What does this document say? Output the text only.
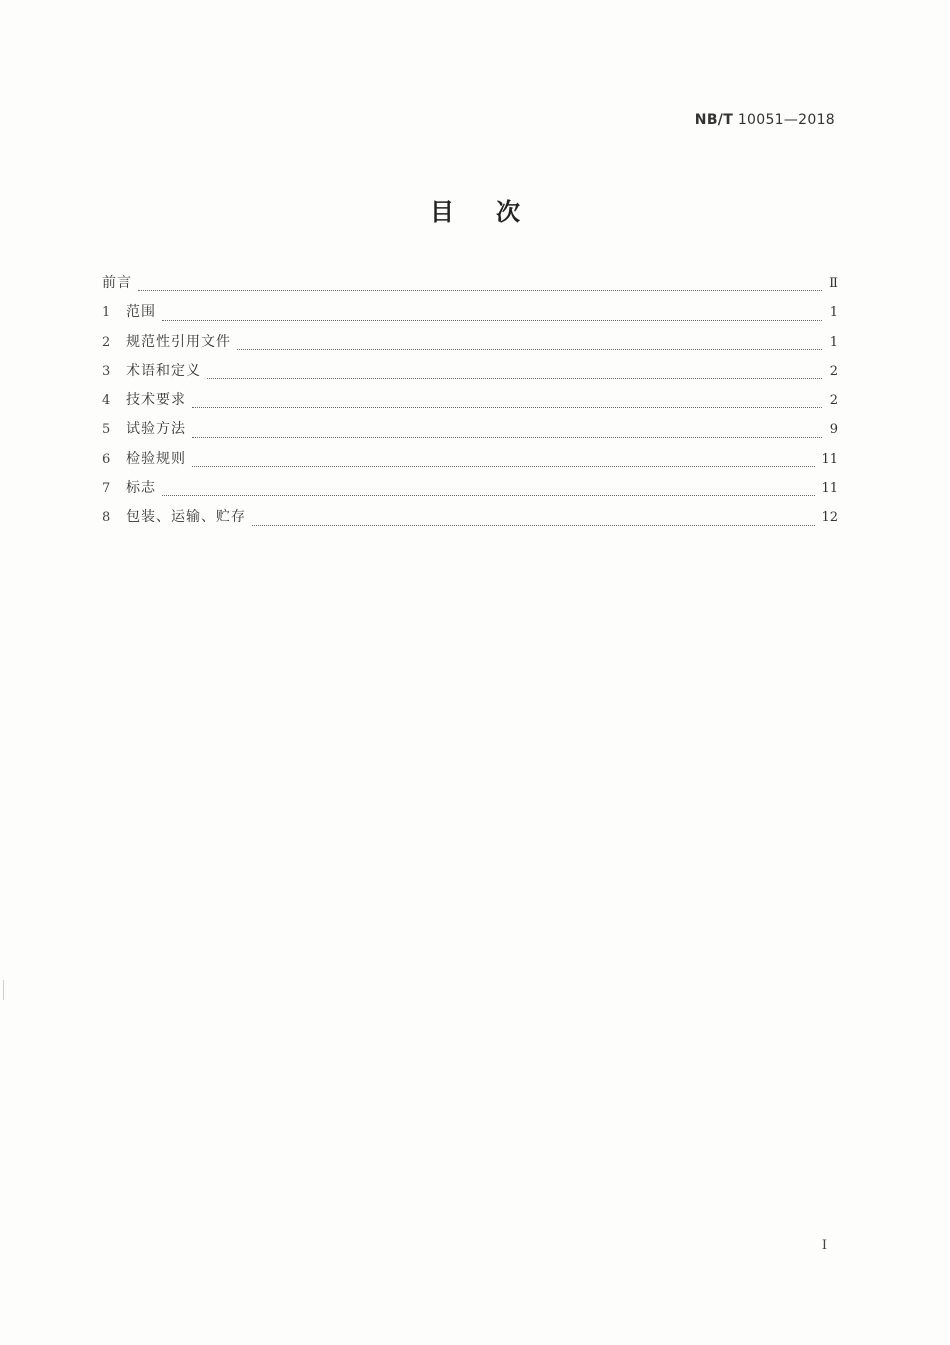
NB/T 10051—2018
目次
前言	Ⅱ
1	范围	1
2	规范性引用文件	1
3	术语和定义	2
4	技术要求	2
5	试验方法	9
6	检验规则	11
7	标志	11
8	包装、运输、贮存	12
I
